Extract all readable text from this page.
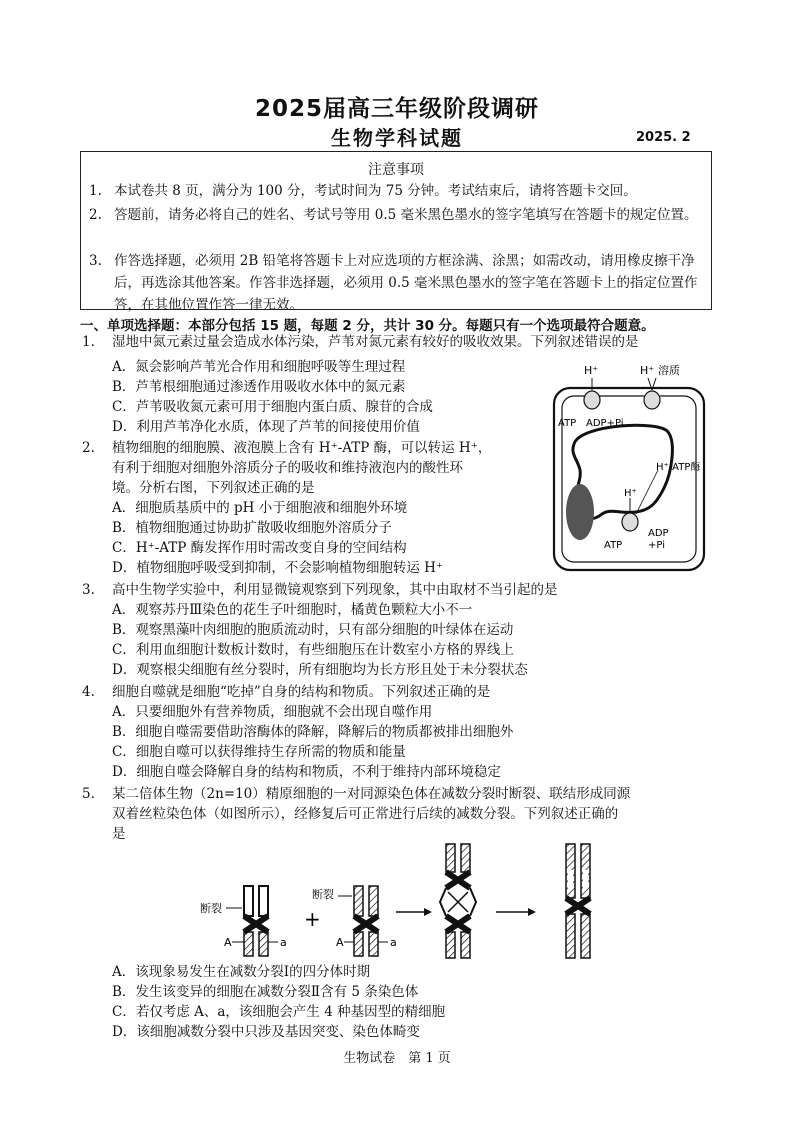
2025届高三年级阶段调研
生物学科试题	2025. 2
注意事项
1. 本试卷共 8 页，满分为 100 分，考试时间为 75 分钟。考试结束后，请将答题卡交回。
2. 答题前，请务必将自己的姓名、考试号等用 0.5 毫米黑色墨水的签字笔填写在答题卡的规定位置。
3. 作答选择题，必须用 2B 铅笔将答题卡上对应选项的方框涂满、涂黑；如需改动，请用橡皮擦干净后，再选涂其他答案。作答非选择题，必须用 0.5 毫米黑色墨水的签字笔在答题卡上的指定位置作答，在其他位置作答一律无效。
一、单项选择题：本部分包括 15 题，每题 2 分，共计 30 分。每题只有一个选项最符合题意。
1. 湿地中氮元素过量会造成水体污染，芦苇对氮元素有较好的吸收效果。下列叙述错误的是
A．氮会影响芦苇光合作用和细胞呼吸等生理过程
B．芦苇根细胞通过渗透作用吸收水体中的氮元素
C．芦苇吸收氮元素可用于细胞内蛋白质、腺苷的合成
D．利用芦苇净化水质，体现了芦苇的间接使用价值
2. 植物细胞的细胞膜、液泡膜上含有 H⁺-ATP 酶，可以转运 H⁺，
有利于细胞对细胞外溶质分子的吸收和维持液泡内的酸性环
境。分析右图，下列叙述正确的是
A．细胞质基质中的 pH 小于细胞液和细胞外环境
B．植物细胞通过协助扩散吸收细胞外溶质分子
C．H⁺-ATP 酶发挥作用时需改变自身的空间结构
D．植物细胞呼吸受到抑制，不会影响植物细胞转运 H⁺
H⁺	H⁺ 溶质
ATP ADP+Pi
H⁺-ATP酶
H⁺
ATP
ADP
+Pi
3. 高中生物学实验中，利用显微镜观察到下列现象，其中由取材不当引起的是
A．观察苏丹Ⅲ染色的花生子叶细胞时，橘黄色颗粒大小不一
B．观察黑藻叶肉细胞的胞质流动时，只有部分细胞的叶绿体在运动
C．利用血细胞计数板计数时，有些细胞压在计数室小方格的界线上
D．观察根尖细胞有丝分裂时，所有细胞均为长方形且处于未分裂状态
4. 细胞自噬就是细胞“吃掉”自身的结构和物质。下列叙述正确的是
A．只要细胞外有营养物质，细胞就不会出现自噬作用
B．细胞自噬需要借助溶酶体的降解，降解后的物质都被排出细胞外
C．细胞自噬可以获得维持生存所需的物质和能量
D．细胞自噬会降解自身的结构和物质，不利于维持内部环境稳定
5. 某二倍体生物（2n=10）精原细胞的一对同源染色体在减数分裂时断裂、联结形成同源
双着丝粒染色体（如图所示），经修复后可正常进行后续的减数分裂。下列叙述正确的
是
断裂
A	a
+
断裂
A	a
A．该现象易发生在减数分裂Ⅰ的四分体时期
B．发生该变异的细胞在减数分裂Ⅱ含有 5 条染色体
C．若仅考虑 A、a，该细胞会产生 4 种基因型的精细胞
D．该细胞减数分裂中只涉及基因突变、染色体畸变
生物试卷　第 1 页
